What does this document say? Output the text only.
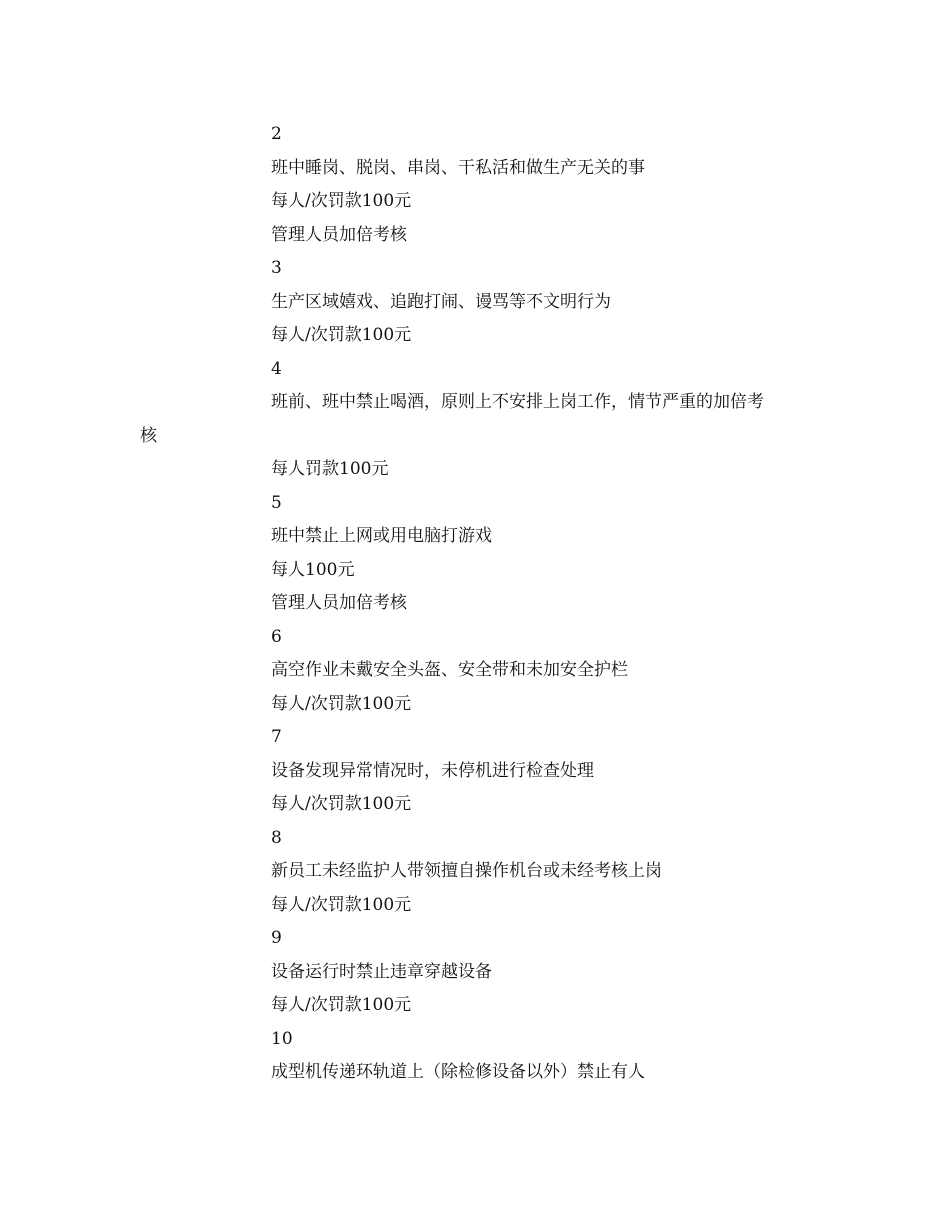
2
班中睡岗、脱岗、串岗、干私活和做生产无关的事
每人/次罚款100元
管理人员加倍考核
3
生产区域嬉戏、追跑打闹、谩骂等不文明行为
每人/次罚款100元
4
班前、班中禁止喝酒，原则上不安排上岗工作，情节严重的加倍考
核
每人罚款100元
5
班中禁止上网或用电脑打游戏
每人100元
管理人员加倍考核
6
高空作业未戴安全头盔、安全带和未加安全护栏
每人/次罚款100元
7
设备发现异常情况时，未停机进行检查处理
每人/次罚款100元
8
新员工未经监护人带领擅自操作机台或未经考核上岗
每人/次罚款100元
9
设备运行时禁止违章穿越设备
每人/次罚款100元
10
成型机传递环轨道上（除检修设备以外）禁止有人
